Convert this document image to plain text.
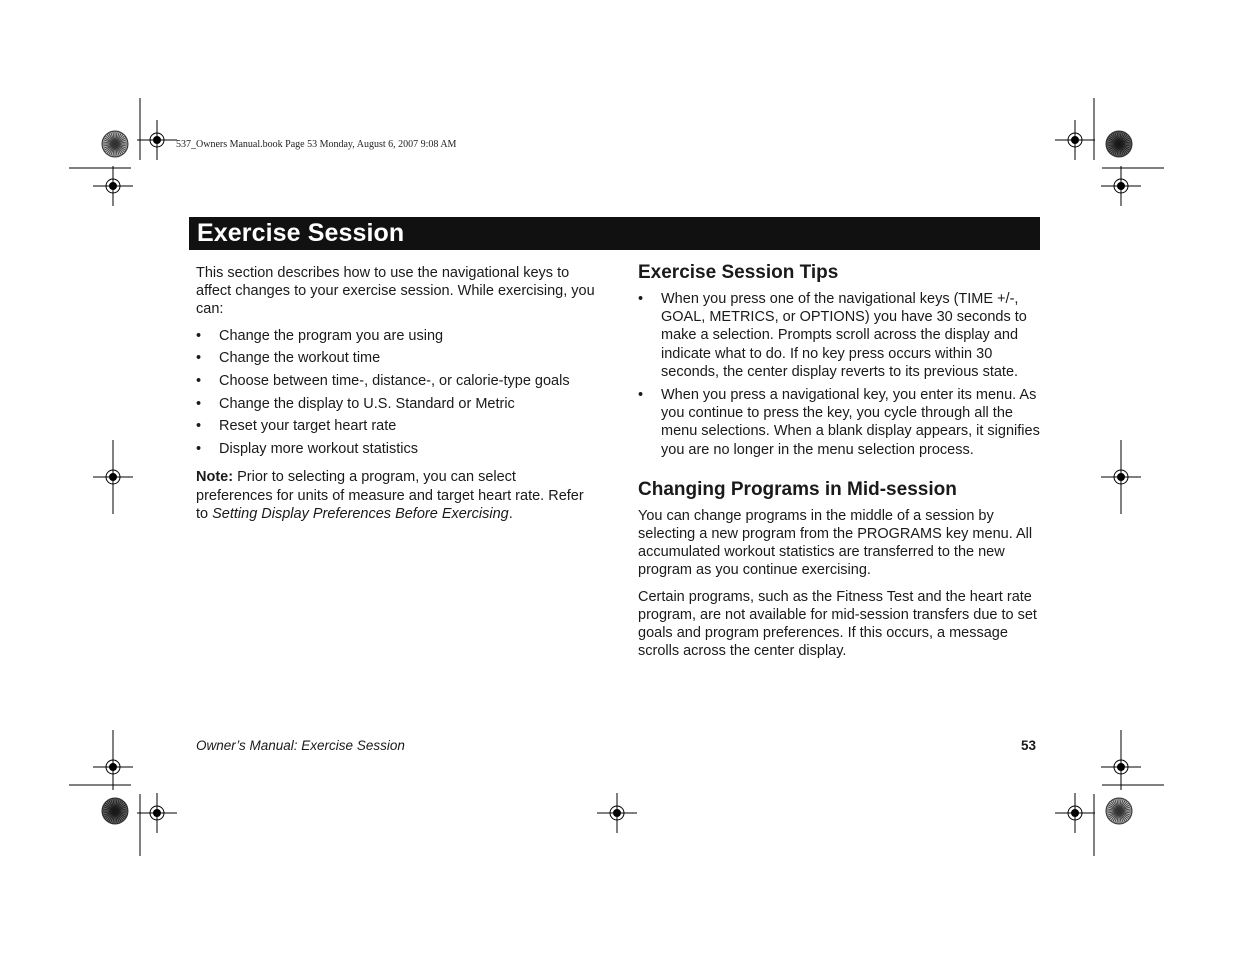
537_Owners Manual.book Page 53 Monday, August 6, 2007 9:08 AM
Exercise Session

This section describes how to use the navigational keys to affect changes to your exercise session. While exercising, you can:

• Change the program you are using
• Change the workout time
• Choose between time-, distance-, or calorie-type goals
• Change the display to U.S. Standard or Metric
• Reset your target heart rate
• Display more workout statistics

Note: Prior to selecting a program, you can select preferences for units of measure and target heart rate. Refer to Setting Display Preferences Before Exercising.

Exercise Session Tips
• When you press one of the navigational keys (TIME +/-, GOAL, METRICS, or OPTIONS) you have 30 seconds to make a selection. Prompts scroll across the display and indicate what to do. If no key press occurs within 30 seconds, the center display reverts to its previous state.
• When you press a navigational key, you enter its menu. As you continue to press the key, you cycle through all the menu selections. When a blank display appears, it signifies you are no longer in the menu selection process.
Changing Programs in Mid-session

You can change programs in the middle of a session by selecting a new program from the PROGRAMS key menu. All accumulated workout statistics are transferred to the new program as you continue exercising.

Certain programs, such as the Fitness Test and the heart rate program, are not available for mid-session transfers due to set goals and program preferences. If this occurs, a message scrolls across the center display.

Owner’s Manual: Exercise Session	53
